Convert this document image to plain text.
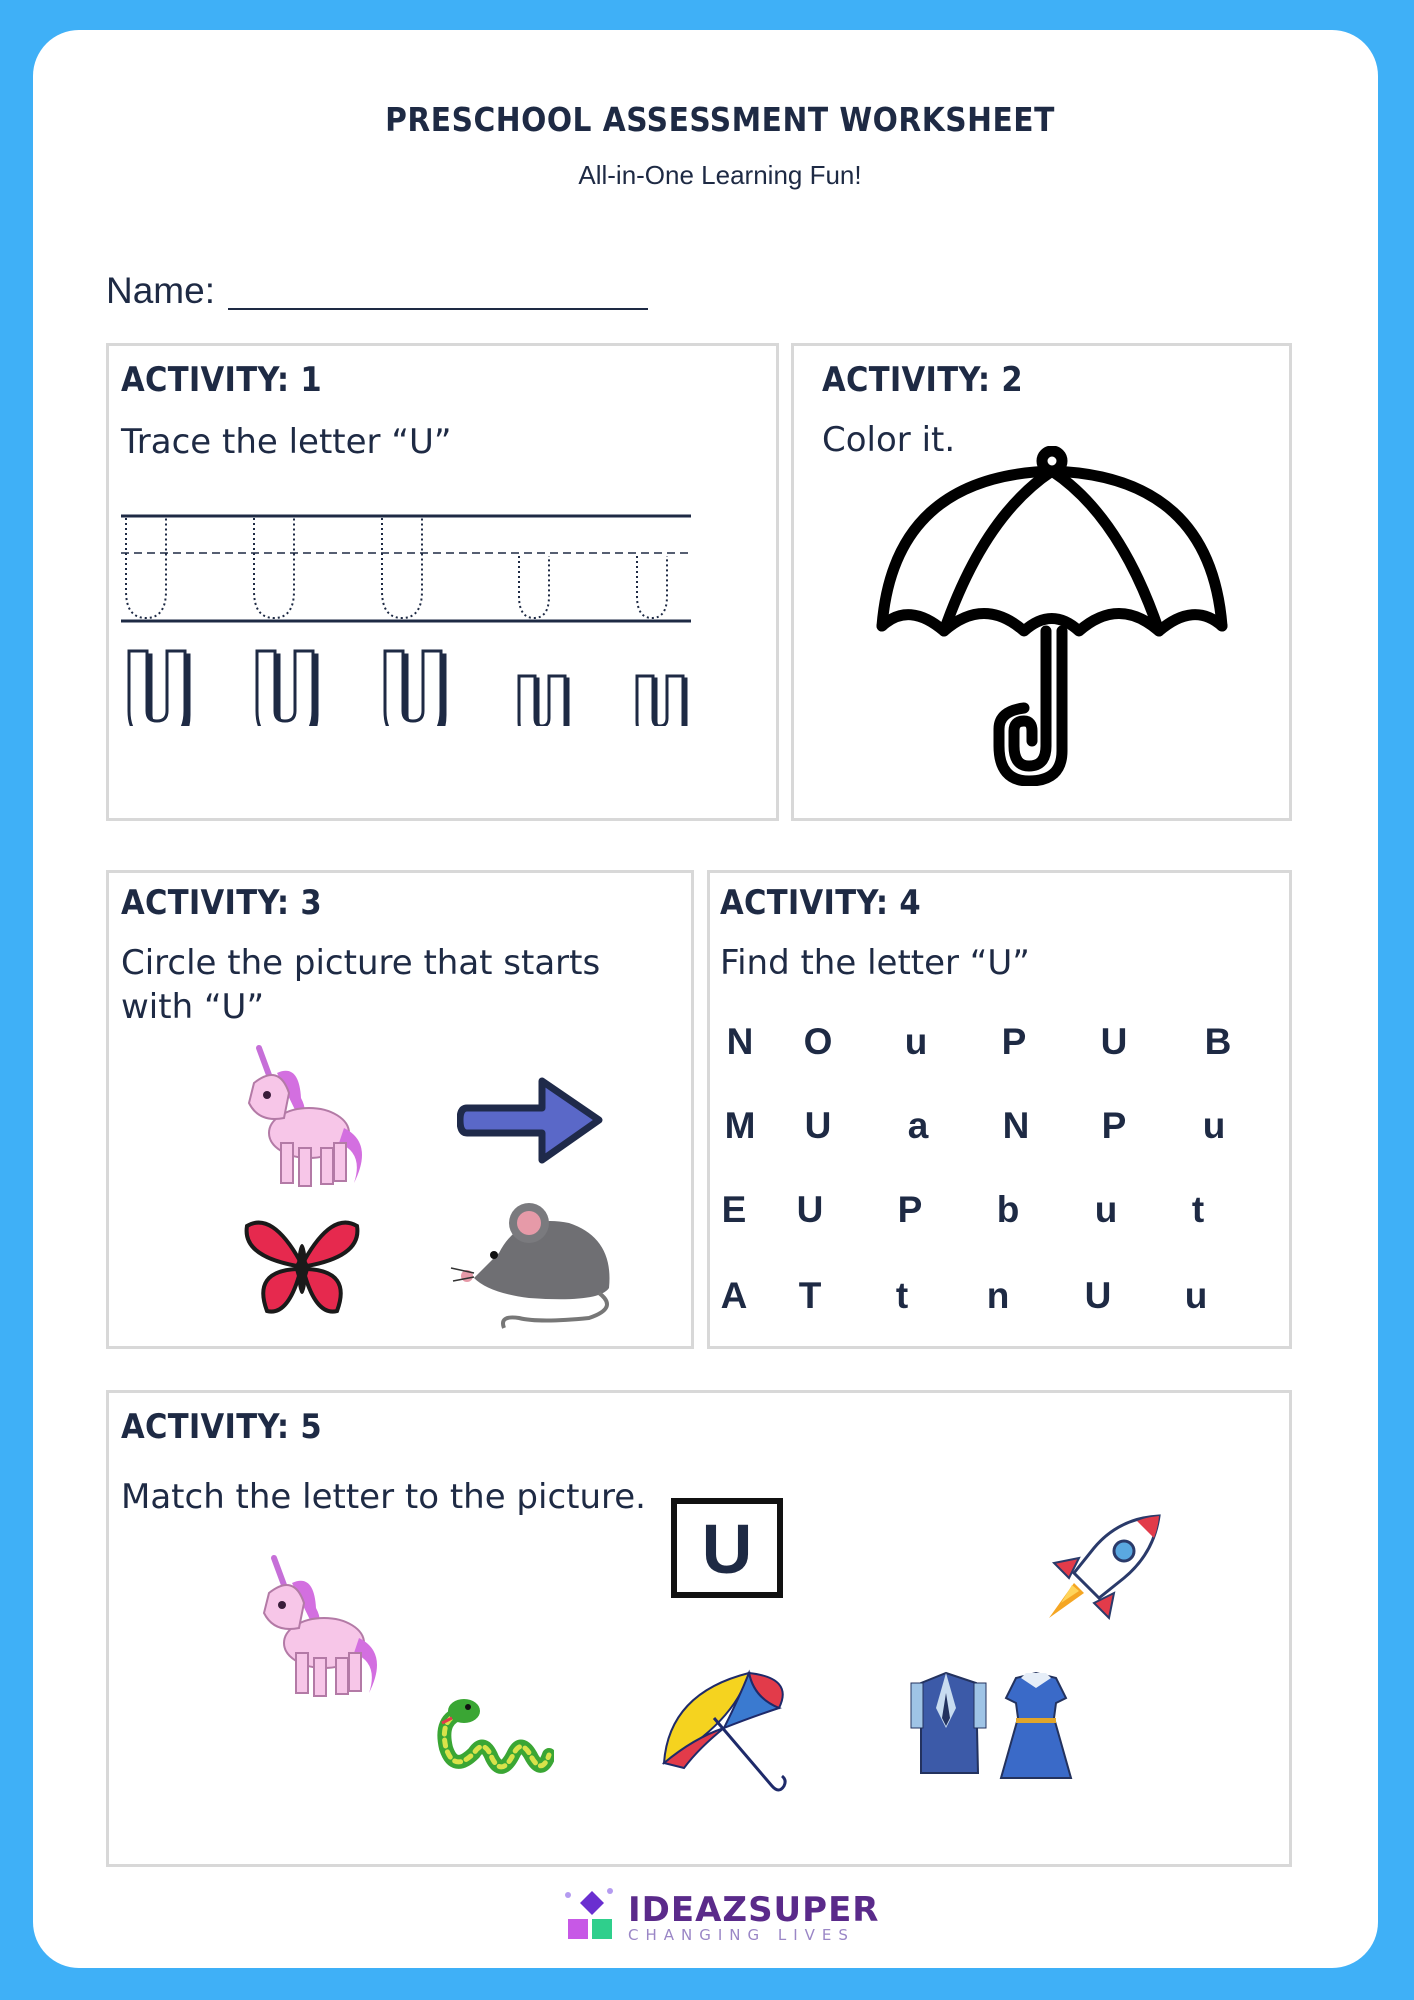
PRESCHOOL ASSESSMENT WORKSHEET
All-in-One Learning Fun!
Name:
ACTIVITY: 1
Trace the letter “U”
ACTIVITY: 2
Color it.
ACTIVITY: 3
Circle the picture that starts with “U”
ACTIVITY: 4
Find the letter “U”
N	O	u	P	U	B
M	U	a	N	P	u
E	U	P	b	u	t
A	T	t	n	U	u
ACTIVITY: 5
Match the letter to the picture.
U
IDEAZSUPER
CHANGING LIVES
